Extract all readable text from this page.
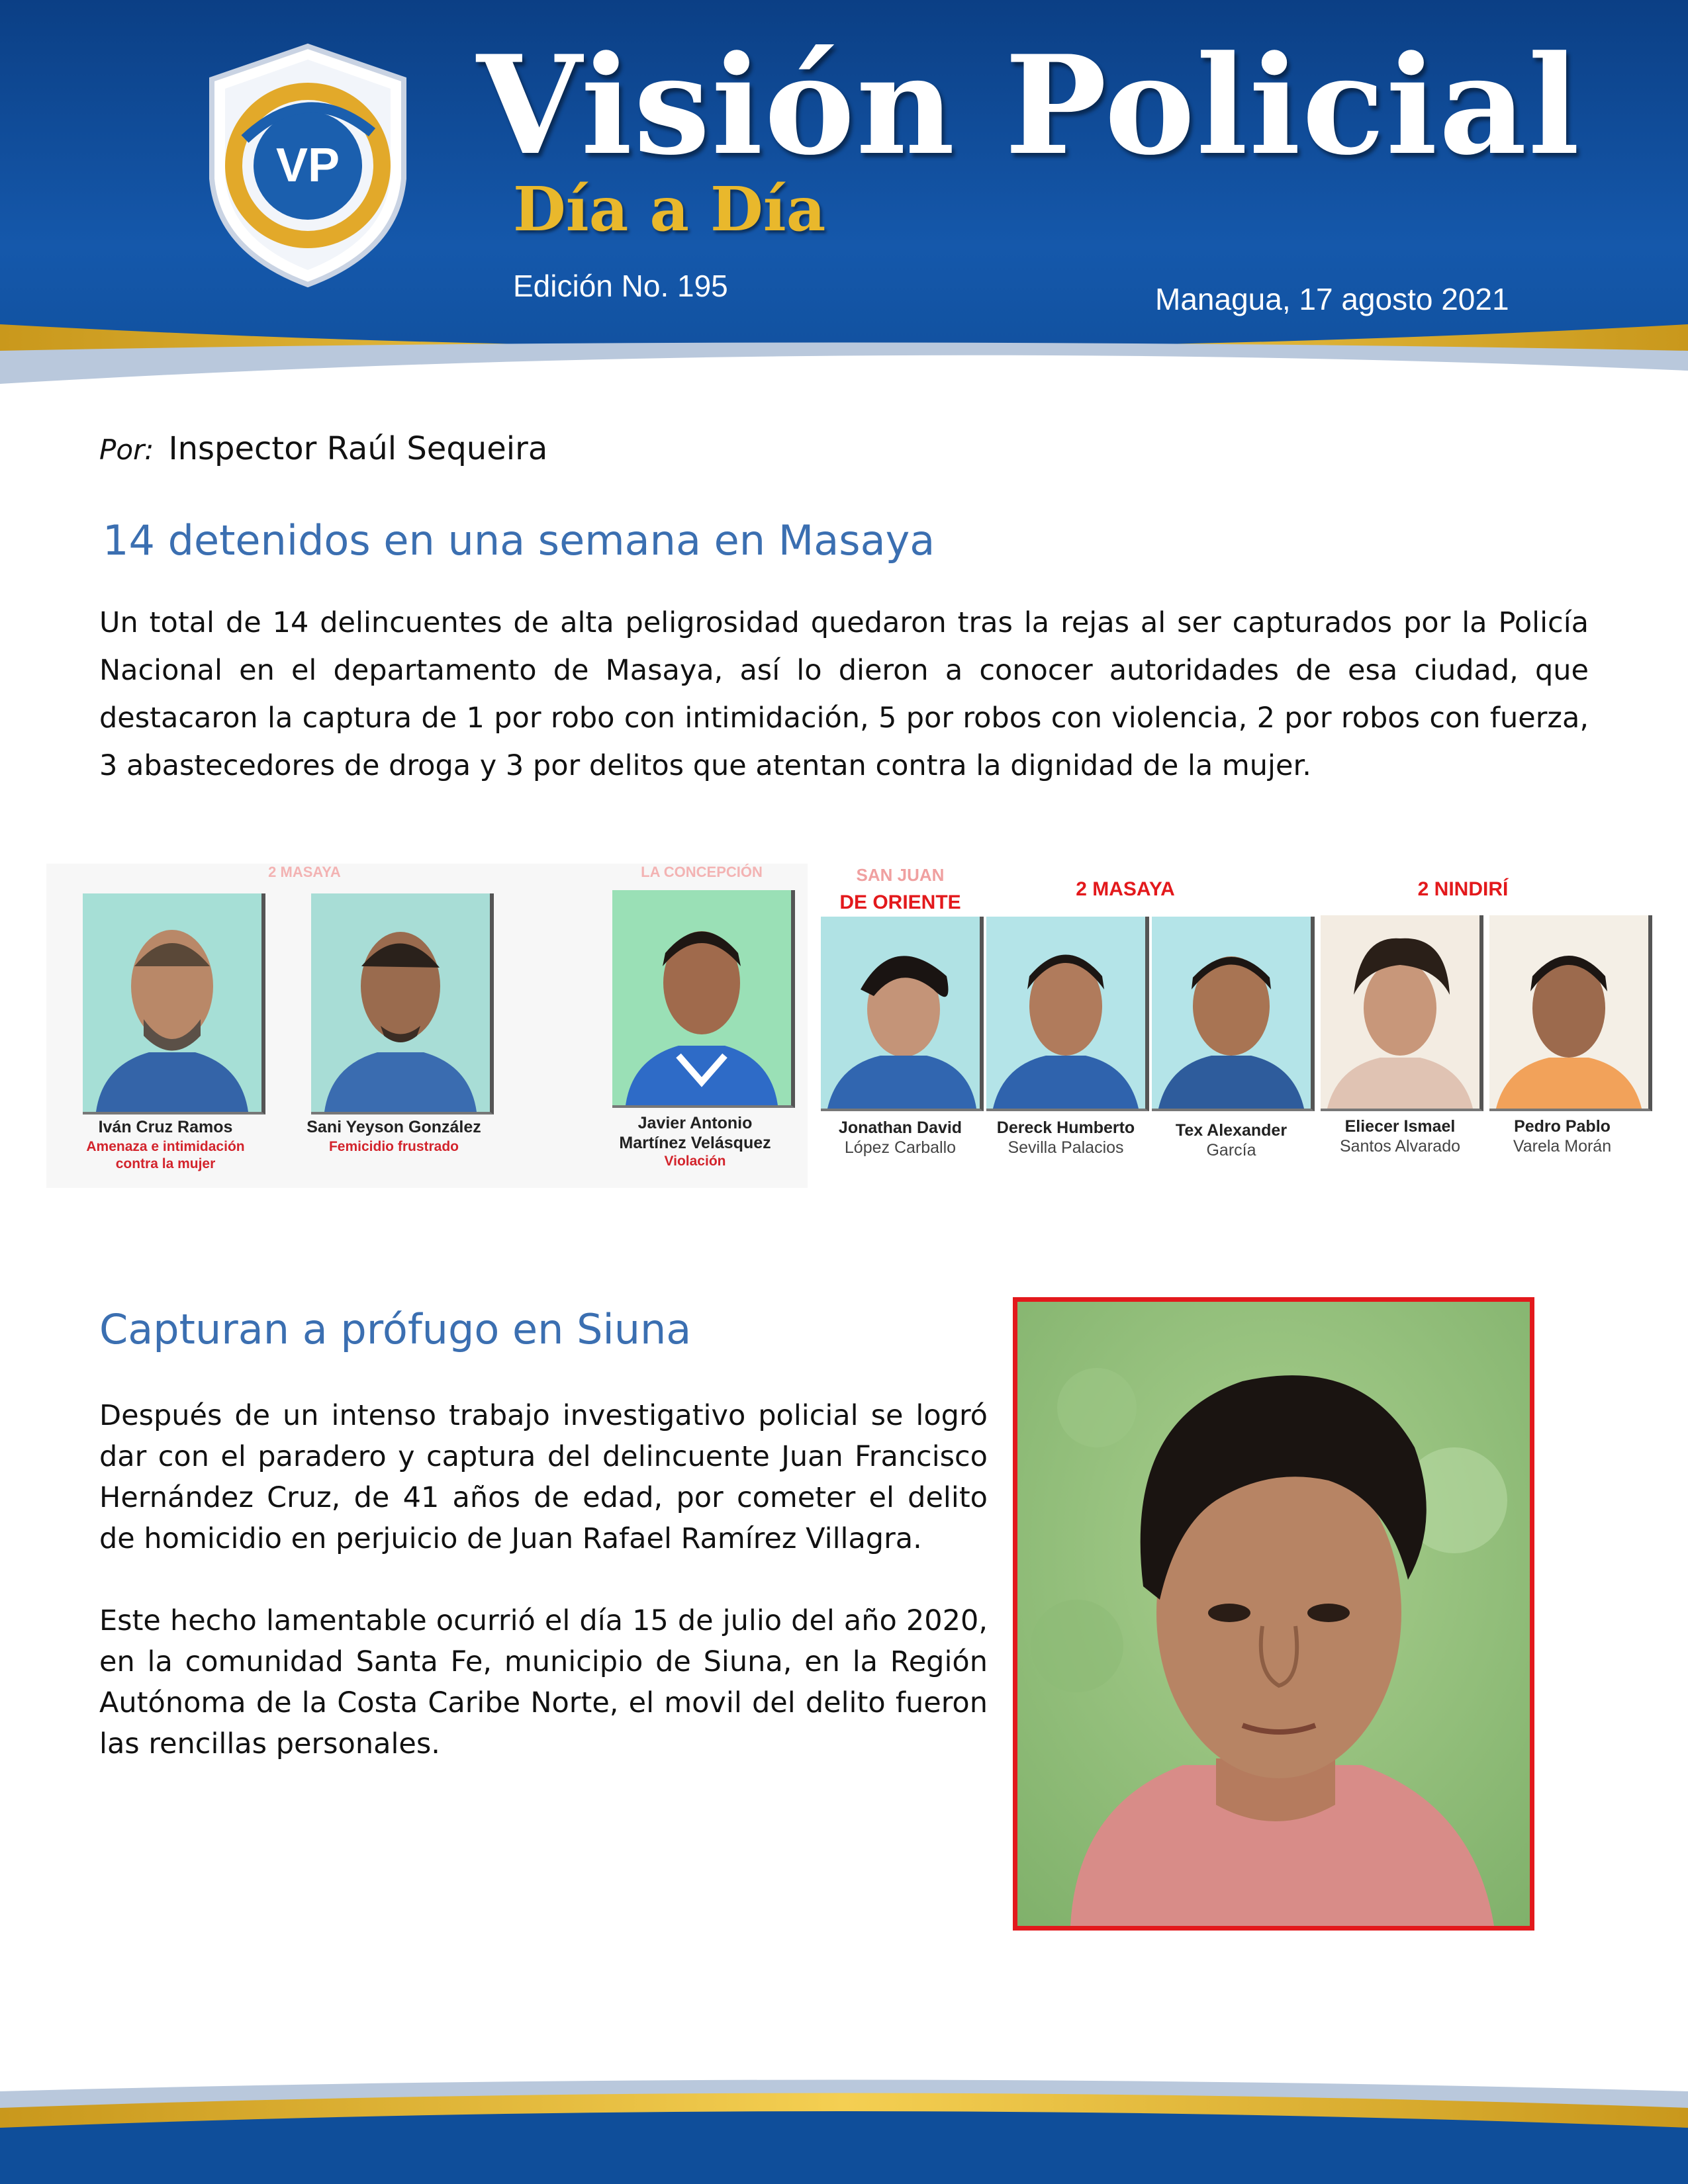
VP Visión Policial
Día a Día
Edición No. 195	Managua, 17 agosto 2021
Por: Inspector Raúl Sequeira
14 detenidos en una semana en Masaya
Un total de 14 delincuentes de alta peligrosidad quedaron tras la rejas al ser capturados por la Policía Nacional en el departamento de Masaya, así lo dieron a conocer autoridades de esa ciudad, que destacaron la captura de 1 por robo con intimidación, 5 por robos con violencia, 2 por robos con fuerza, 3 abastecedores de droga y 3 por delitos que atentan contra la dignidad de la mujer.
2 MASAYA	LA CONCEPCIÓN	SAN JUAN
DE ORIENTE
2 MASAYA	2 NINDIRÍ
Iván Cruz Ramos
Amenaza e intimidación
contra la mujer
Sani Yeyson González
Femicidio frustrado
Javier Antonio
Martínez Velásquez
Violación
Jonathan David
López Carballo
Dereck Humberto
Sevilla Palacios
Tex Alexander
García
Eliecer Ismael
Santos Alvarado
Pedro Pablo
Varela Morán
Capturan a prófugo en Siuna
Después de un intenso trabajo investigativo policial se logró dar con el paradero y captura del delincuente Juan Francisco Hernández Cruz, de 41 años de edad, por cometer el delito de homicidio en perjuicio de Juan Rafael Ramírez Villagra.
Este hecho lamentable ocurrió el día 15 de julio del año 2020, en la comunidad Santa Fe, municipio de Siuna, en la Región Autónoma de la Costa Caribe Norte, el movil del delito fueron las rencillas personales.
